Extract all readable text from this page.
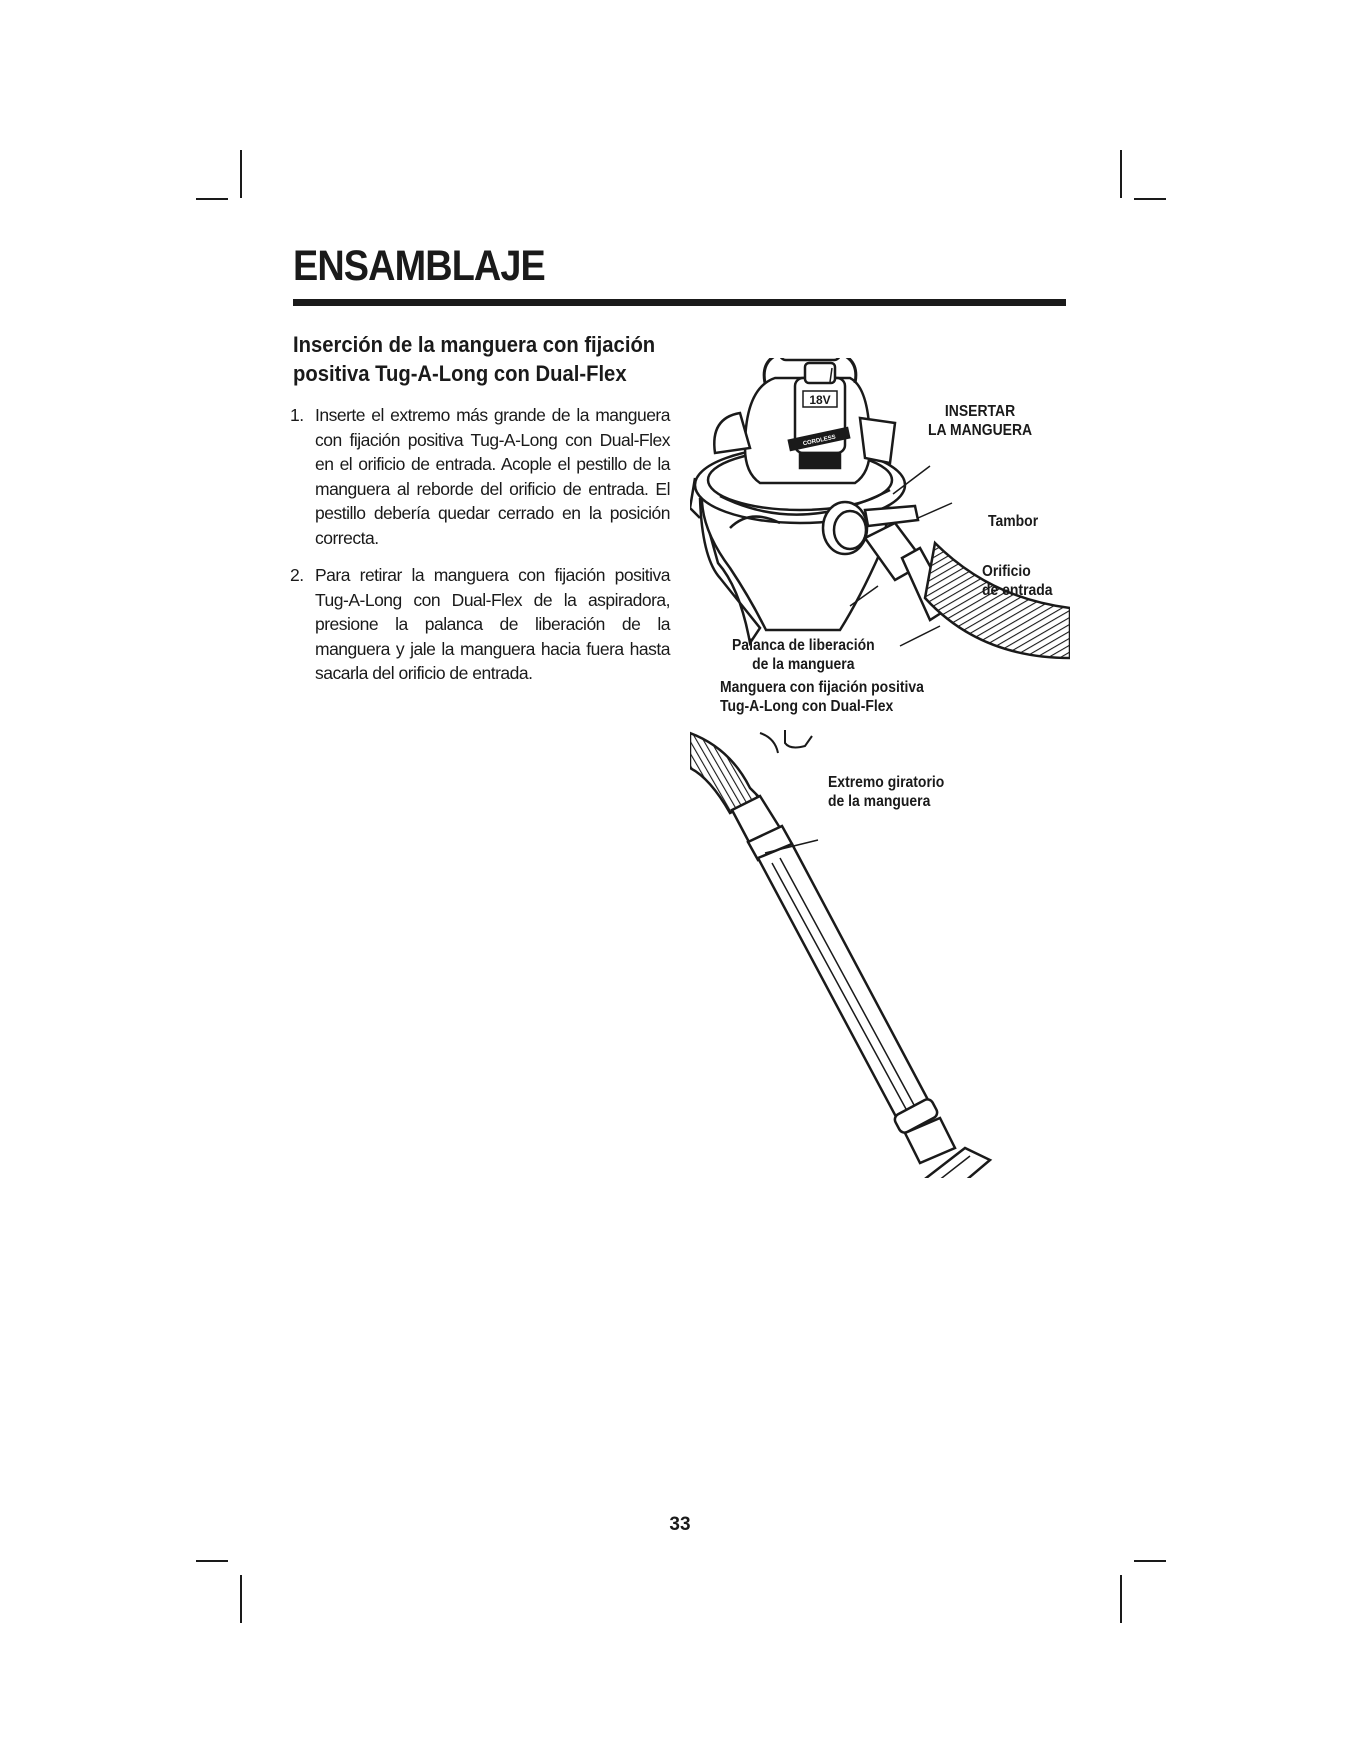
ENSAMBLAJE
Inserción de la manguera con fijación positiva Tug-A-Long con Dual-Flex
1. Inserte el extremo más grande de la manguera con fijación positiva Tug-A-Long con Dual-Flex en el orificio de entrada. Acople el pestillo de la manguera al reborde del orificio de entrada. El pestillo debería quedar cerrado en la posición correcta.
2. Para retirar la manguera con fijación positiva Tug-A-Long con Dual-Flex de la aspiradora, presione la palanca de liberación de la manguera y jale la manguera hacia fuera hasta sacarla del orificio de entrada.
18V
CORDLESS
INSERTAR
LA MANGUERA
Tambor
Orificio
de entrada
Palanca de liberación
de la manguera
Manguera con fijación positiva
Tug-A-Long con Dual-Flex
Extremo giratorio
de la manguera
33
